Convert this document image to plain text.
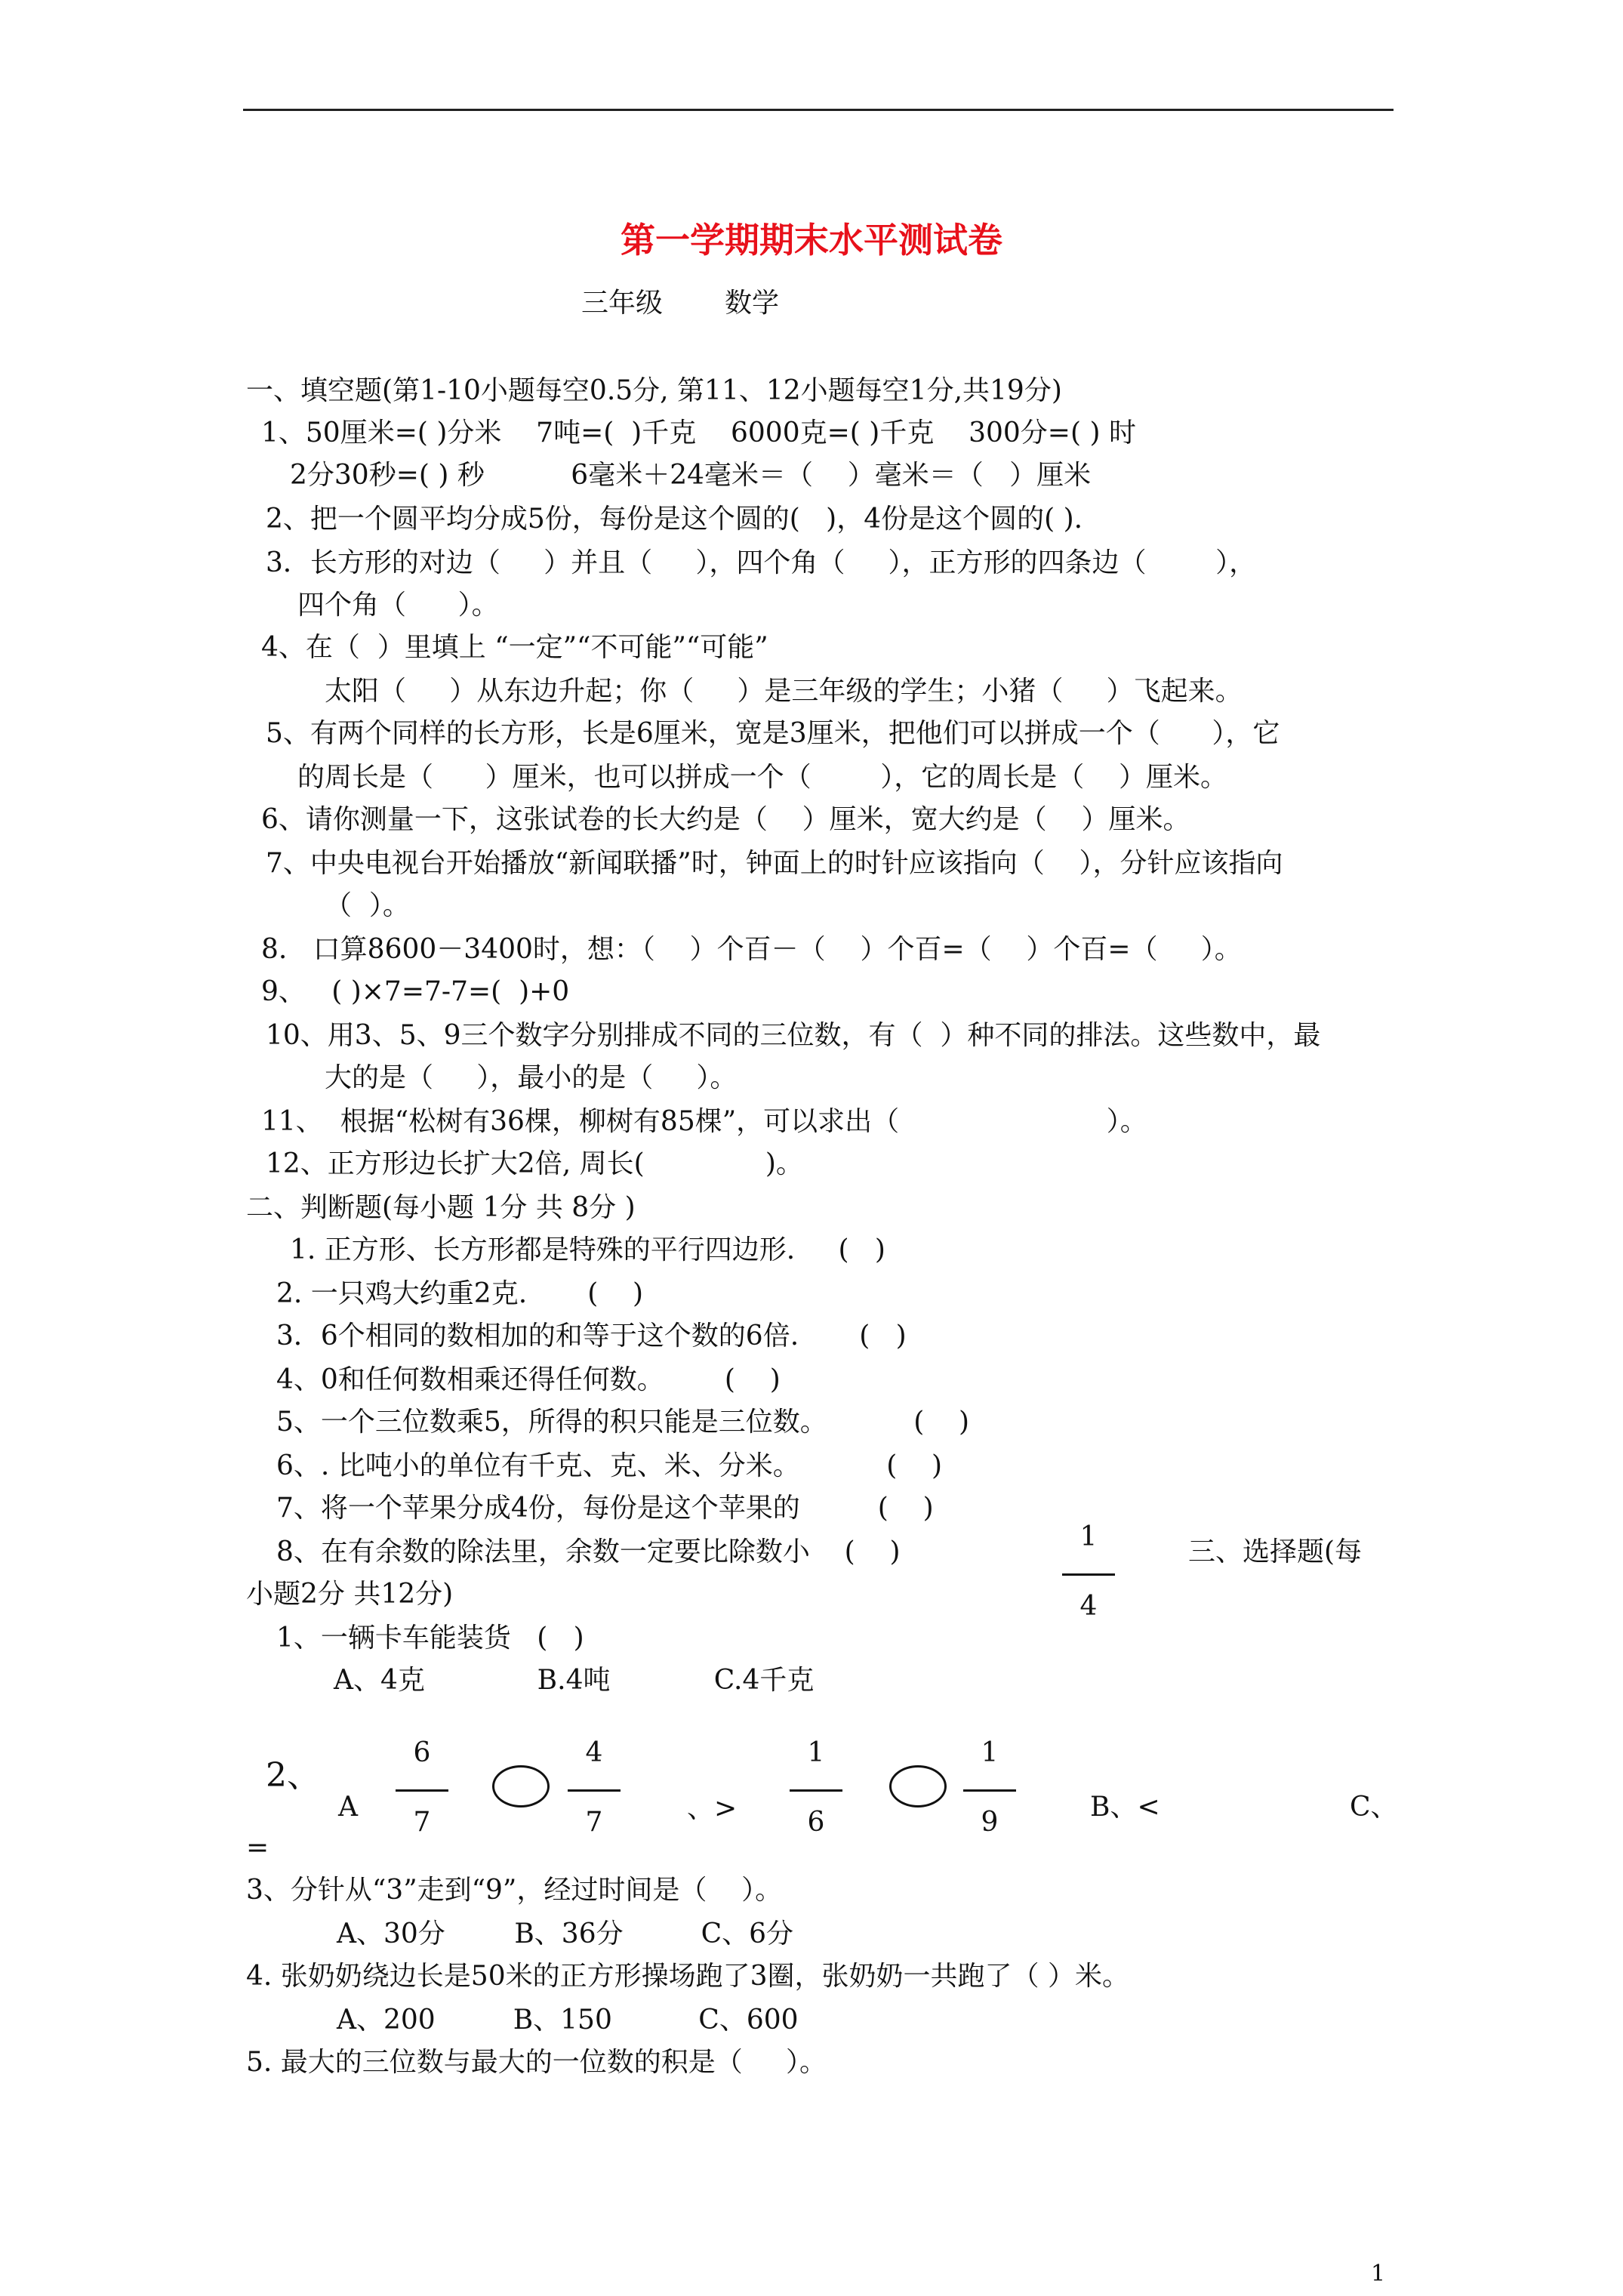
第一学期期末水平测试卷
三年级 数学
一、填空题(第1-10小题每空0.5分, 第11、12小题每空1分,共19分)
1、50厘米=( )分米    7吨=(  )千克    6000克=( )千克    300分=( ) 时
2分30秒=( ) 秒          6毫米＋24毫米＝（    ）毫米＝（   ）厘米
2、把一个圆平均分成5份，每份是这个圆的(   )，4份是这个圆的( ).
3．长方形的对边（     ）并且（     ），四个角（     ），正方形的四条边（        ），
四个角（      ）。
4、在（  ）里填上 “一定”“不可能”“可能”
太阳（     ）从东边升起；你（     ）是三年级的学生；小猪（     ）飞起来。
5、有两个同样的长方形，长是6厘米，宽是3厘米，把他们可以拼成一个（      ），它
的周长是（      ）厘米，也可以拼成一个（        ），它的周长是（    ）厘米。
6、请你测量一下，这张试卷的长大约是（    ）厘米，宽大约是（    ）厘米。
7、中央电视台开始播放“新闻联播”时，钟面上的时针应该指向（    ），分针应该指向
（  ）。
8.   口算8600－3400时，想：（    ）个百－（    ）个百=（    ）个百=（     ）。
9、   ( )×7=7-7=(  )+0
10、用3、5、9三个数字分别排成不同的三位数，有（  ）种不同的排法。这些数中，最
大的是（     ），最小的是（     ）。
11、  根据“松树有36棵，柳树有85棵”，可以求出（                        ）。
12、正方形边长扩大2倍, 周长(              )。
二、判断题(每小题 1分 共 8分 )
1. 正方形、长方形都是特殊的平行四边形.     (   )
2. 一只鸡大约重2克.       (    )
3．6个相同的数相加的和等于这个数的6倍.       (   )
4、0和任何数相乘还得任何数。       (    )
5、一个三位数乘5，所得的积只能是三位数。          (    )
6、. 比吨小的单位有千克、克、米、分米。          (    )
7、将一个苹果分成4份，每份是这个苹果的         (    )
8、在有余数的除法里，余数一定要比除数小    (    )	1
4
三、选择题(每
小题2分 共12分)
1、一辆卡车能装货   (   )
A、4克             B.4吨            C.4千克
2、
A
6
7
4
7	、>
1
6
1
9	B、<	C、
=
3、分针从“3”走到“9”，经过时间是（    ）。
A、30分        B、36分         C、6分
4. 张奶奶绕边长是50米的正方形操场跑了3圈，张奶奶一共跑了（ ）米。
A、200         B、150          C、600
5. 最大的三位数与最大的一位数的积是（     ）。
1
